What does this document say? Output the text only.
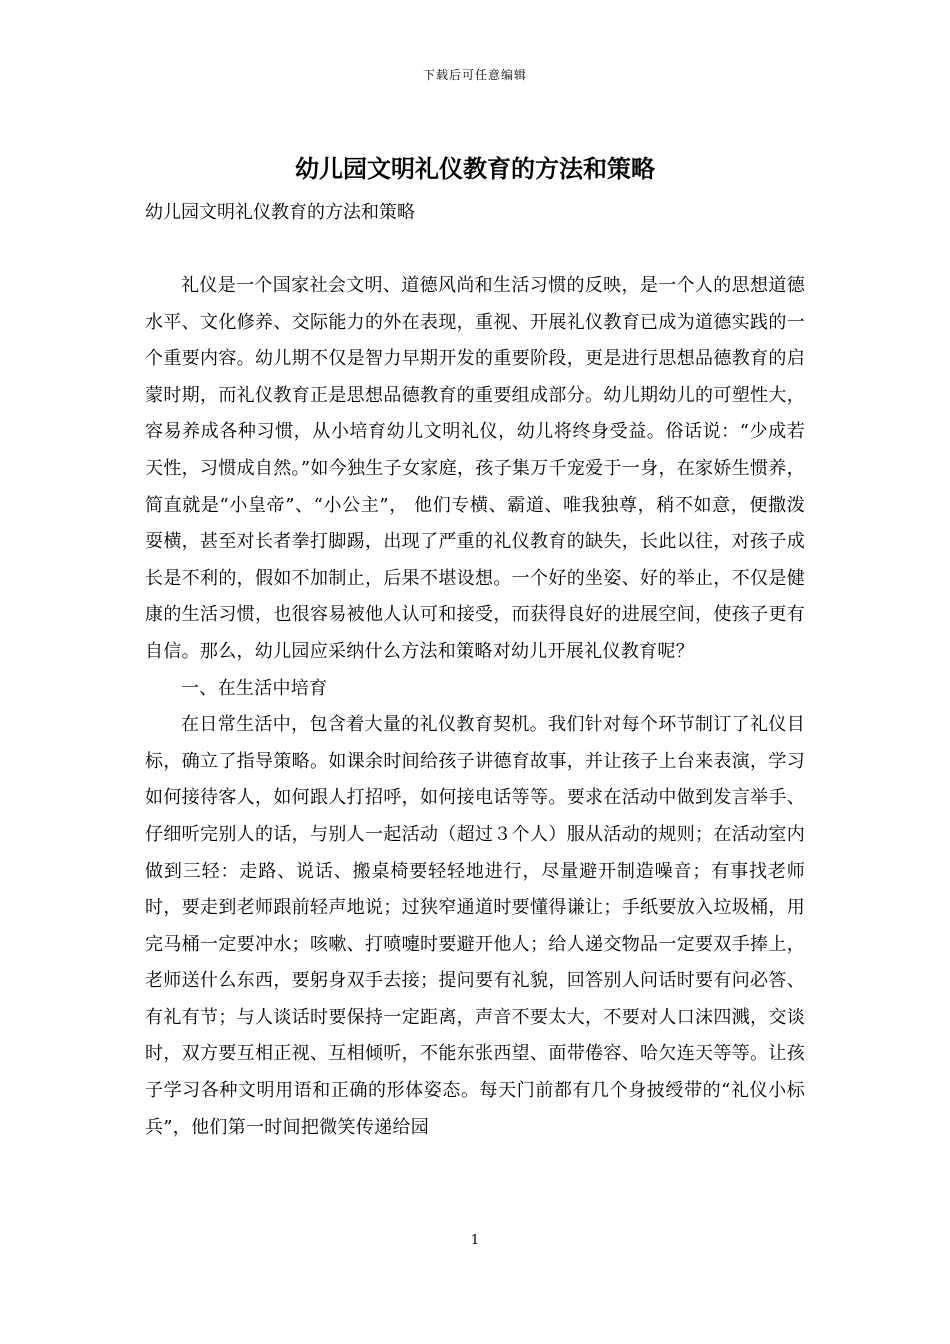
下载后可任意编辑
幼儿园文明礼仪教育的方法和策略

幼儿园文明礼仪教育的方法和策略

礼仪是一个国家社会文明、道德风尚和生活习惯的反映，是一个人的思想道德水平、文化修养、交际能力的外在表现，重视、开展礼仪教育已成为道德实践的一个重要内容。幼儿期不仅是智力早期开发的重要阶段，更是进行思想品德教育的启蒙时期，而礼仪教育正是思想品德教育的重要组成部分。幼儿期幼儿的可塑性大，容易养成各种习惯，从小培育幼儿文明礼仪，幼儿将终身受益。俗话说：“少成若天性，习惯成自然。”如今独生子女家庭，孩子集万千宠爱于一身，在家娇生惯养，简直就是“小皇帝”、“小公主”， 他们专横、霸道、唯我独尊，稍不如意，便撒泼耍横，甚至对长者拳打脚踢，出现了严重的礼仪教育的缺失，长此以往，对孩子成长是不利的，假如不加制止，后果不堪设想。一个好的坐姿、好的举止，不仅是健康的生活习惯，也很容易被他人认可和接受，而获得良好的进展空间，使孩子更有自信。那么，幼儿园应采纳什么方法和策略对幼儿开展礼仪教育呢？

一、在生活中培育

在日常生活中，包含着大量的礼仪教育契机。我们针对每个环节制订了礼仪目标，确立了指导策略。如课余时间给孩子讲德育故事，并让孩子上台来表演，学习如何接待客人，如何跟人打招呼，如何接电话等等。要求在活动中做到发言举手、仔细听完别人的话，与别人一起活动（超过３个人）服从活动的规则；在活动室内做到三轻：走路、说话、搬桌椅要轻轻地进行，尽量避开制造噪音；有事找老师时，要走到老师跟前轻声地说；过狭窄通道时要懂得谦让；手纸要放入垃圾桶，用完马桶一定要冲水；咳嗽、打喷嚏时要避开他人；给人递交物品一定要双手捧上，老师送什么东西，要躬身双手去接；提问要有礼貌，回答别人问话时要有问必答、有礼有节；与人谈话时要保持一定距离，声音不要太大，不要对人口沫四溅，交谈时，双方要互相正视、互相倾听，不能东张西望、面带倦容、哈欠连天等等。让孩子学习各种文明用语和正确的形体姿态。每天门前都有几个身披绶带的“礼仪小标兵”，他们第一时间把微笑传递给园

1
